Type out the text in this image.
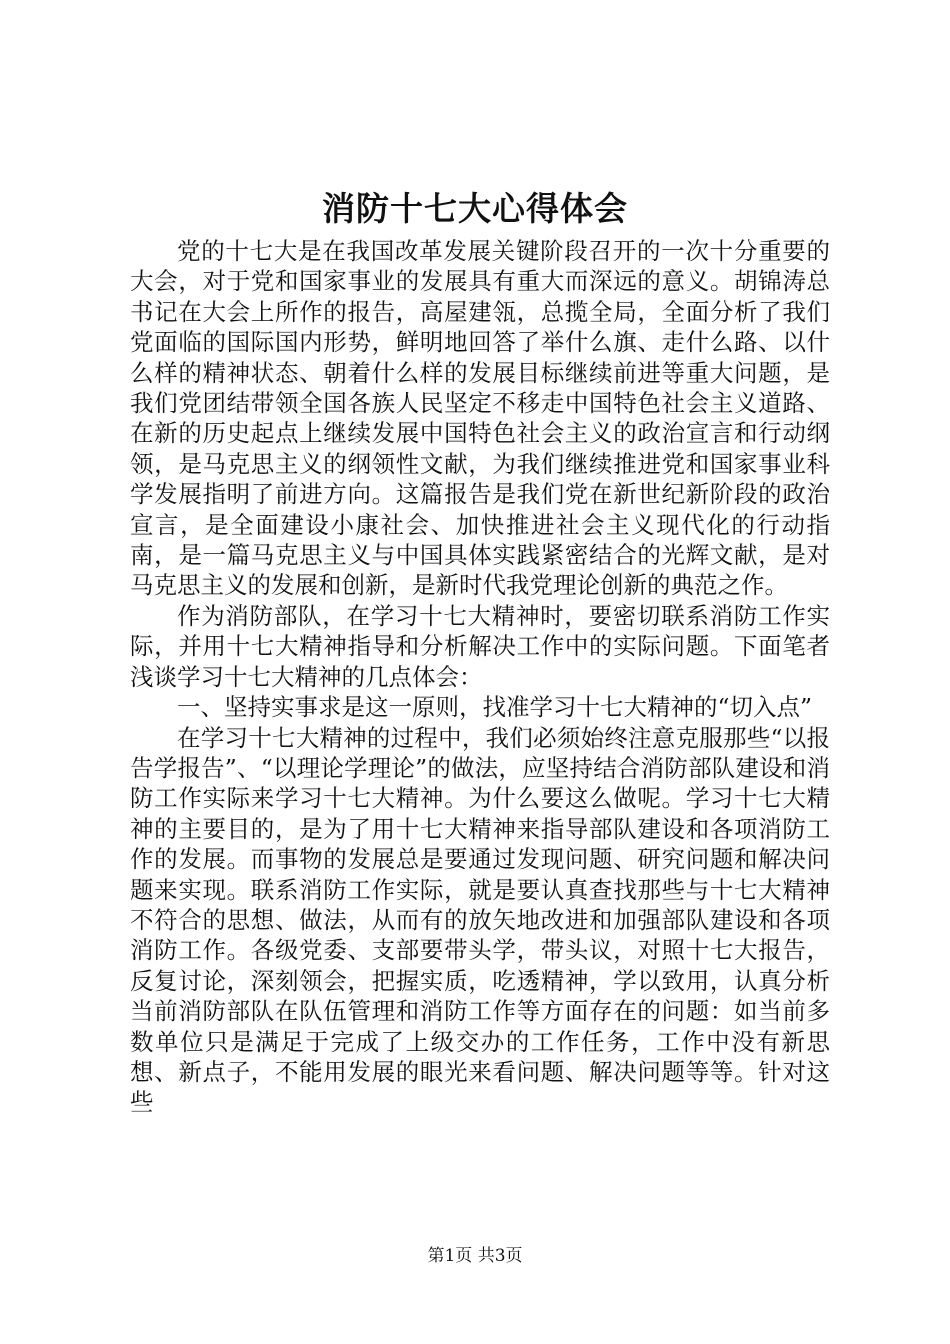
消防十七大心得体会

党的十七大是在我国改革发展关键阶段召开的一次十分重要的大会，对于党和国家事业的发展具有重大而深远的意义。胡锦涛总书记在大会上所作的报告，高屋建瓴，总揽全局，全面分析了我们党面临的国际国内形势，鲜明地回答了举什么旗、走什么路、以什么样的精神状态、朝着什么样的发展目标继续前进等重大问题，是我们党团结带领全国各族人民坚定不移走中国特色社会主义道路、在新的历史起点上继续发展中国特色社会主义的政治宣言和行动纲领，是马克思主义的纲领性文献，为我们继续推进党和国家事业科学发展指明了前进方向。这篇报告是我们党在新世纪新阶段的政治宣言，是全面建设小康社会、加快推进社会主义现代化的行动指南，是一篇马克思主义与中国具体实践紧密结合的光辉文献，是对马克思主义的发展和创新，是新时代我党理论创新的典范之作。

作为消防部队，在学习十七大精神时，要密切联系消防工作实际，并用十七大精神指导和分析解决工作中的实际问题。下面笔者浅谈学习十七大精神的几点体会：

一、坚持实事求是这一原则，找准学习十七大精神的“切入点”

在学习十七大精神的过程中，我们必须始终注意克服那些“以报告学报告”、“以理论学理论”的做法，应坚持结合消防部队建设和消防工作实际来学习十七大精神。为什么要这么做呢。学习十七大精神的主要目的，是为了用十七大精神来指导部队建设和各项消防工作的发展。而事物的发展总是要通过发现问题、研究问题和解决问题来实现。联系消防工作实际，就是要认真查找那些与十七大精神不符合的思想、做法，从而有的放矢地改进和加强部队建设和各项消防工作。各级党委、支部要带头学，带头议，对照十七大报告，反复讨论，深刻领会，把握实质，吃透精神，学以致用，认真分析当前消防部队在队伍管理和消防工作等方面存在的问题：如当前多数单位只是满足于完成了上级交办的工作任务，工作中没有新思想、新点子，不能用发展的眼光来看问题、解决问题等等。针对这些

第1页 共3页
